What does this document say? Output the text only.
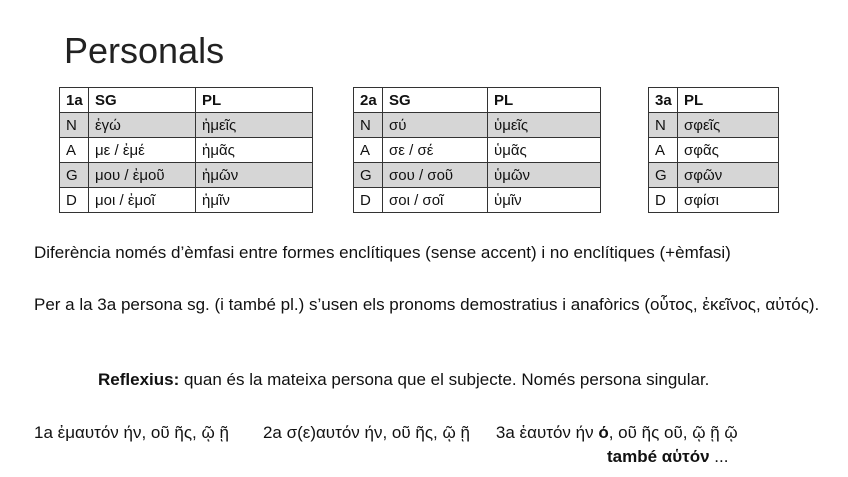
Personals
1a	SG	PL
N	ἐγώ	ἡμεῖς
A	με / ἐμέ	ἡμᾶς
G	μου / ἐμοῦ	ἡμῶν
D	μοι / ἐμοῖ	ἡμῖν
2a	SG	PL
N	σύ	ὑμεῖς
A	σε / σέ	ὑμᾶς
G	σου / σοῦ	ὑμῶν
D	σοι / σοῖ	ὑμῖν
3a	PL
N	σφεῖς
A	σφᾶς
G	σφῶν
D	σφίσι
Diferència només d’èmfasi entre formes enclítiques (sense accent) i no enclítiques (+èmfasi)
Per a la 3a persona sg. (i també pl.) s’usen els pronoms demostratius i anafòrics (οὗτος, ἐκεῖνος, αὐτός).
Reflexius: quan és la mateixa persona que el subjecte. Només persona singular.
1a ἐμαυτόν ήν, οῦ ῆς, ῷ ῇ 2a σ(ε)αυτόν ήν, οῦ ῆς, ῷ ῇ 3a ἑαυτόν ήν ό, οῦ ῆς οῦ, ῷ ῇ ῷ
també αὑτόν ...
